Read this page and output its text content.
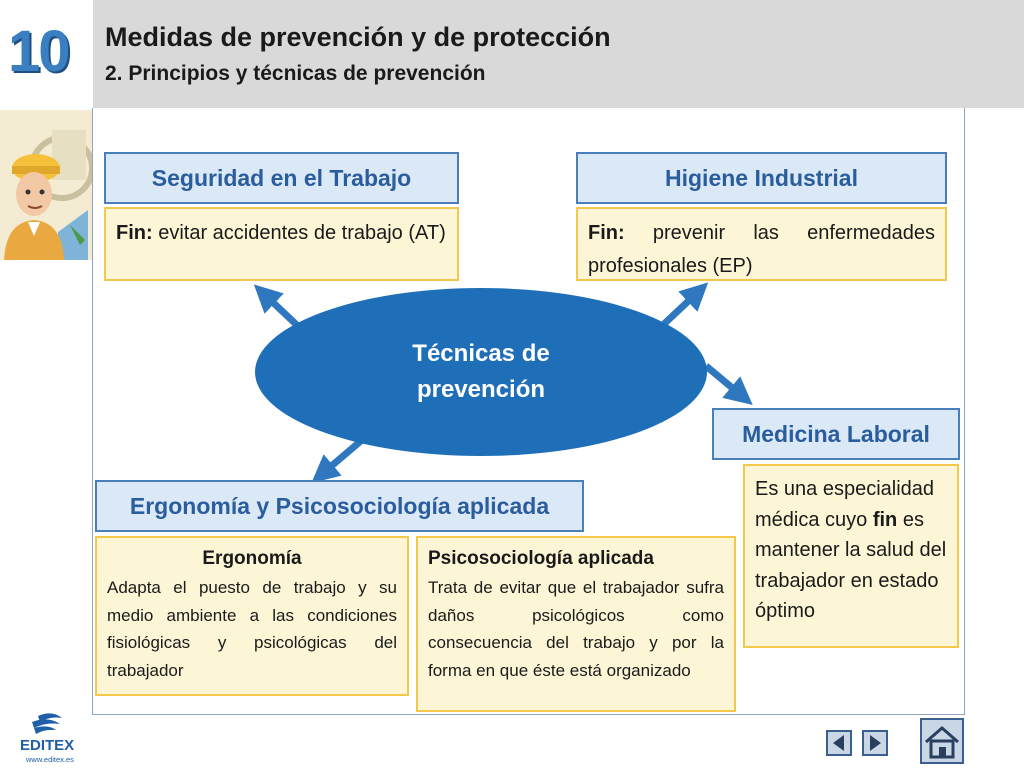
10	Medidas de prevención y de protección
2. Principios y técnicas de prevención
Seguridad en el Trabajo
Fin: evitar accidentes de trabajo (AT)
Higiene Industrial
Fin: prevenir las enfermedades profesionales (EP)
Técnicas de
prevención
Medicina Laboral
Es una especialidad médica cuyo fin es mantener la salud del trabajador en estado óptimo
Ergonomía y Psicosociología aplicada
Ergonomía
Adapta el puesto de trabajo y su medio ambiente a las condiciones fisiológicas y psicológicas del trabajador
Psicosociología aplicada
Trata de evitar que el trabajador sufra daños psicológicos como consecuencia del trabajo y por la forma en que éste está organizado
EDITEX
www.editex.es
